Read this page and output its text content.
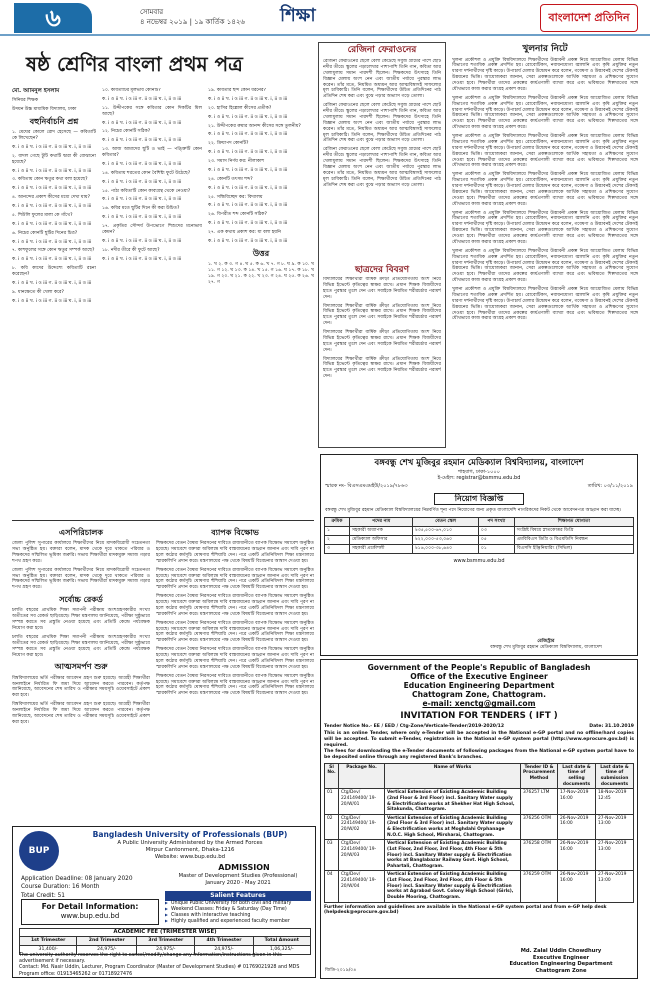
৬	সোমবার
৪ নভেম্বর ২০১৯ | ১৯ কার্তিক ১৪২৬ শিক্ষা	বাংলাদেশ প্রতিদিন
ষষ্ঠ শ্রেণির বাংলা প্রথম পত্র
মো. আমিনুল ইসলাম

সিনিয়র শিক্ষক

উদয়ন উচ্চ মাধ্যমিক বিদ্যালয়, ঢাকা

বহুনির্বাচনি প্রশ্ন

১. মেঘের কোলে রোদ হেসেছে — কবিতাটি কে লিখেছেন?

ক. i ও ii খ. i ও iii গ. ii ও iii ঘ. i, ii ও iii

২. বাদল গেছে টুটি কথাটি দ্বারা কী বোঝানো হয়েছে?

ক. i ও ii খ. i ও iii গ. ii ও iii ঘ. i, ii ও iii

৩. কবিতায় কোন ঋতুর কথা বলা হয়েছে?

ক. i ও ii খ. i ও iii গ. ii ও iii ঘ. i, ii ও iii

৪. আনন্দের প্রকাশ কীসের মধ্যে দেখা যায়?

ক. i ও ii খ. i ও iii গ. ii ও iii ঘ. i, ii ও iii

৫. শিউলি ফুলের মালা কে গাঁথে?

ক. i ও ii খ. i ও iii গ. ii ও iii ঘ. i, ii ও iii

৬. নিচের কোনটি ছুটির দিনের চিত্র?

ক. i ও ii খ. i ও iii গ. ii ও iii ঘ. i, ii ও iii

৭. কাশফুলের সঙ্গে কোন ঋতুর সম্পর্ক আছে?

ক. i ও ii খ. i ও iii গ. ii ও iii ঘ. i, ii ও iii

৮. কবি কাদের উদ্দেশ্যে কবিতাটি রচনা করেছেন?

ক. i ও ii খ. i ও iii গ. ii ও iii ঘ. i, ii ও iii

৯. ধানক্ষেতে কী খেলা করে?

ক. i ও ii খ. i ও iii গ. ii ও iii ঘ. i, ii ও iii

১০. কবিতাটির মূলভাব কোনটি?

ক. i ও ii খ. i ও iii গ. ii ও iii ঘ. i, ii ও iii

১১. উদ্দীপকের সঙ্গে কবিতার কোন দিকটির মিল আছে?

ক. i ও ii খ. i ও iii গ. ii ও iii ঘ. i, ii ও iii

১২. নিচের কোনটি সঠিক?

ক. i ও ii খ. i ও iii গ. ii ও iii ঘ. i, ii ও iii

১৩. আজ আমাদের ছুটি ও ভাই — পঙ্ক্তিটি কোন কবিতার?

ক. i ও ii খ. i ও iii গ. ii ও iii ঘ. i, ii ও iii

১৪. কবিতায় শরতের কোন বৈশিষ্ট্য ফুটে উঠেছে?

ক. i ও ii খ. i ও iii গ. ii ও iii ঘ. i, ii ও iii

১৫. পাঠ্য কবিতাটি কোন কাব্যগ্রন্থ থেকে নেওয়া?

ক. i ও ii খ. i ও iii গ. ii ও iii ঘ. i, ii ও iii

১৬. কবির মতে ছুটির দিনে কী করা উচিত?

ক. i ও ii খ. i ও iii গ. ii ও iii ঘ. i, ii ও iii

১৭. প্রকৃতির সৌন্দর্য উপভোগে শিশুদের মনোভাব কেমন?

ক. i ও ii খ. i ও iii গ. ii ও iii ঘ. i, ii ও iii

১৮. নদীর তীরে কী ফুটে আছে?

ক. i ও ii খ. i ও iii গ. ii ও iii ঘ. i, ii ও iii

১৯. কবিতার ছন্দ কোন ধরনের?

ক. i ও ii খ. i ও iii গ. ii ও iii ঘ. i, ii ও iii

২০. হাসির হিল্লোল কীসের প্রতীক?

ক. i ও ii খ. i ও iii গ. ii ও iii ঘ. i, ii ও iii

২১. উদ্দীপকের রুমার আনন্দ কীসের সঙ্গে তুলনীয়?

ক. i ও ii খ. i ও iii গ. ii ও iii ঘ. i, ii ও iii

২২. ক্রিয়াপদ কোনটি?

ক. i ও ii খ. i ও iii গ. ii ও iii ঘ. i, ii ও iii

২৩. সমাস নির্ণয় কর: নীলাকাশ

ক. i ও ii খ. i ও iii গ. ii ও iii ঘ. i, ii ও iii

২৪. কোনটি তৎসম শব্দ?

ক. i ও ii খ. i ও iii গ. ii ও iii ঘ. i, ii ও iii

২৫. সন্ধিবিচ্ছেদ কর: বিদ্যালয়

ক. i ও ii খ. i ও iii গ. ii ও iii ঘ. i, ii ও iii

২৬. বিপরীত শব্দ কোনটি সঠিক?

ক. i ও ii খ. i ও iii গ. ii ও iii ঘ. i, ii ও iii

২৭. এক কথায় প্রকাশ কর: যা বলা হয়নি

ক. i ও ii খ. i ও iii গ. ii ও iii ঘ. i, ii ও iii

উত্তর

১. খ ২. ক ৩. গ ৪. ঘ ৫. ক ৬. খ ৭. গ ৮. ঘ ৯. ক ১০. খ ১১. গ ১২. ঘ ১৩. ক ১৪. খ ১৫. গ ১৬. ঘ ১৭. ক ১৮. খ ১৯. গ ২০. ঘ ২১. ক ২২. খ ২৩. গ ২৪. ঘ ২৫. ক ২৬. খ ২৭. গ

রেজিনা ফেরাওনের

রেজিনা ফেরাওনের ছেলে বেলা কেটেছে সবুজ গ্রামের পাশে ছোট নদীর তীরে। স্কুলের পড়ালেখার পাশাপাশি তিনি গান, কবিতা আর খেলাধুলায় সমান পারদর্শী ছিলেন। শিক্ষকদের উৎসাহে তিনি বিজ্ঞান মেলায় অংশ নেন এবং জাতীয় পর্যায়ে পুরস্কার লাভ করেন। তাঁর মতে, নিয়মিত অধ্যয়ন আর আত্মবিশ্বাসই সাফল্যের মূল চাবিকাঠি। তিনি বলেন, শিক্ষার্থীদের উচিত প্রতিদিনের পাঠ প্রতিদিন শেষ করা এবং বুঝে পড়ার অভ্যাস গড়ে তোলা।

রেজিনা ফেরাওনের ছেলে বেলা কেটেছে সবুজ গ্রামের পাশে ছোট নদীর তীরে। স্কুলের পড়ালেখার পাশাপাশি তিনি গান, কবিতা আর খেলাধুলায় সমান পারদর্শী ছিলেন। শিক্ষকদের উৎসাহে তিনি বিজ্ঞান মেলায় অংশ নেন এবং জাতীয় পর্যায়ে পুরস্কার লাভ করেন। তাঁর মতে, নিয়মিত অধ্যয়ন আর আত্মবিশ্বাসই সাফল্যের মূল চাবিকাঠি। তিনি বলেন, শিক্ষার্থীদের উচিত প্রতিদিনের পাঠ প্রতিদিন শেষ করা এবং বুঝে পড়ার অভ্যাস গড়ে তোলা।

রেজিনা ফেরাওনের ছেলে বেলা কেটেছে সবুজ গ্রামের পাশে ছোট নদীর তীরে। স্কুলের পড়ালেখার পাশাপাশি তিনি গান, কবিতা আর খেলাধুলায় সমান পারদর্শী ছিলেন। শিক্ষকদের উৎসাহে তিনি বিজ্ঞান মেলায় অংশ নেন এবং জাতীয় পর্যায়ে পুরস্কার লাভ করেন। তাঁর মতে, নিয়মিত অধ্যয়ন আর আত্মবিশ্বাসই সাফল্যের মূল চাবিকাঠি। তিনি বলেন, শিক্ষার্থীদের উচিত প্রতিদিনের পাঠ প্রতিদিন শেষ করা এবং বুঝে পড়ার অভ্যাস গড়ে তোলা।

ছাত্রদের বিবরণ

বিদ্যালয়ের শিক্ষার্থীরা বার্ষিক ক্রীড়া প্রতিযোগিতায় অংশ নিয়ে বিভিন্ন ইভেন্টে কৃতিত্বের স্বাক্ষর রাখে। প্রধান শিক্ষক বিজয়ীদের হাতে পুরস্কার তুলে দেন এবং সবাইকে নিয়মিত শরীরচর্চার পরামর্শ দেন।

বিদ্যালয়ের শিক্ষার্থীরা বার্ষিক ক্রীড়া প্রতিযোগিতায় অংশ নিয়ে বিভিন্ন ইভেন্টে কৃতিত্বের স্বাক্ষর রাখে। প্রধান শিক্ষক বিজয়ীদের হাতে পুরস্কার তুলে দেন এবং সবাইকে নিয়মিত শরীরচর্চার পরামর্শ দেন।

বিদ্যালয়ের শিক্ষার্থীরা বার্ষিক ক্রীড়া প্রতিযোগিতায় অংশ নিয়ে বিভিন্ন ইভেন্টে কৃতিত্বের স্বাক্ষর রাখে। প্রধান শিক্ষক বিজয়ীদের হাতে পুরস্কার তুলে দেন এবং সবাইকে নিয়মিত শরীরচর্চার পরামর্শ দেন।

বিদ্যালয়ের শিক্ষার্থীরা বার্ষিক ক্রীড়া প্রতিযোগিতায় অংশ নিয়ে বিভিন্ন ইভেন্টে কৃতিত্বের স্বাক্ষর রাখে। প্রধান শিক্ষক বিজয়ীদের হাতে পুরস্কার তুলে দেন এবং সবাইকে নিয়মিত শরীরচর্চার পরামর্শ দেন।

খুলনার নিটে

খুলনা প্রকৌশল ও প্রযুক্তি বিশ্ববিদ্যালয়ে শিক্ষার্থীদের উদ্ভাবনী প্রকল্প নিয়ে আয়োজিত মেলায় বিভিন্ন বিভাগের শতাধিক প্রকল্প প্রদর্শিত হয়। রোবোটিকস, নবায়নযোগ্য জ্বালানি এবং কৃষি প্রযুক্তির নতুন ধারণা দর্শনার্থীদের দৃষ্টি কাড়ে। উপাচার্য মেলার উদ্বোধন করে বলেন, গবেষণা ও উদ্ভাবনই দেশের টেকসই উন্নয়নের ভিত্তি। আয়োজকরা জানান, সেরা প্রকল্পগুলোকে আর্থিক সহায়তা ও প্রশিক্ষণের সুযোগ দেওয়া হবে। শিক্ষার্থীরা তাদের প্রকল্পের কার্যপ্রণালী ব্যাখ্যা করে এবং ভবিষ্যতে শিল্পখাতের সঙ্গে যৌথভাবে কাজ করার আগ্রহ প্রকাশ করে।

খুলনা প্রকৌশল ও প্রযুক্তি বিশ্ববিদ্যালয়ে শিক্ষার্থীদের উদ্ভাবনী প্রকল্প নিয়ে আয়োজিত মেলায় বিভিন্ন বিভাগের শতাধিক প্রকল্প প্রদর্শিত হয়। রোবোটিকস, নবায়নযোগ্য জ্বালানি এবং কৃষি প্রযুক্তির নতুন ধারণা দর্শনার্থীদের দৃষ্টি কাড়ে। উপাচার্য মেলার উদ্বোধন করে বলেন, গবেষণা ও উদ্ভাবনই দেশের টেকসই উন্নয়নের ভিত্তি। আয়োজকরা জানান, সেরা প্রকল্পগুলোকে আর্থিক সহায়তা ও প্রশিক্ষণের সুযোগ দেওয়া হবে। শিক্ষার্থীরা তাদের প্রকল্পের কার্যপ্রণালী ব্যাখ্যা করে এবং ভবিষ্যতে শিল্পখাতের সঙ্গে যৌথভাবে কাজ করার আগ্রহ প্রকাশ করে।

খুলনা প্রকৌশল ও প্রযুক্তি বিশ্ববিদ্যালয়ে শিক্ষার্থীদের উদ্ভাবনী প্রকল্প নিয়ে আয়োজিত মেলায় বিভিন্ন বিভাগের শতাধিক প্রকল্প প্রদর্শিত হয়। রোবোটিকস, নবায়নযোগ্য জ্বালানি এবং কৃষি প্রযুক্তির নতুন ধারণা দর্শনার্থীদের দৃষ্টি কাড়ে। উপাচার্য মেলার উদ্বোধন করে বলেন, গবেষণা ও উদ্ভাবনই দেশের টেকসই উন্নয়নের ভিত্তি। আয়োজকরা জানান, সেরা প্রকল্পগুলোকে আর্থিক সহায়তা ও প্রশিক্ষণের সুযোগ দেওয়া হবে। শিক্ষার্থীরা তাদের প্রকল্পের কার্যপ্রণালী ব্যাখ্যা করে এবং ভবিষ্যতে শিল্পখাতের সঙ্গে যৌথভাবে কাজ করার আগ্রহ প্রকাশ করে।

খুলনা প্রকৌশল ও প্রযুক্তি বিশ্ববিদ্যালয়ে শিক্ষার্থীদের উদ্ভাবনী প্রকল্প নিয়ে আয়োজিত মেলায় বিভিন্ন বিভাগের শতাধিক প্রকল্প প্রদর্শিত হয়। রোবোটিকস, নবায়নযোগ্য জ্বালানি এবং কৃষি প্রযুক্তির নতুন ধারণা দর্শনার্থীদের দৃষ্টি কাড়ে। উপাচার্য মেলার উদ্বোধন করে বলেন, গবেষণা ও উদ্ভাবনই দেশের টেকসই উন্নয়নের ভিত্তি। আয়োজকরা জানান, সেরা প্রকল্পগুলোকে আর্থিক সহায়তা ও প্রশিক্ষণের সুযোগ দেওয়া হবে। শিক্ষার্থীরা তাদের প্রকল্পের কার্যপ্রণালী ব্যাখ্যা করে এবং ভবিষ্যতে শিল্পখাতের সঙ্গে যৌথভাবে কাজ করার আগ্রহ প্রকাশ করে।

খুলনা প্রকৌশল ও প্রযুক্তি বিশ্ববিদ্যালয়ে শিক্ষার্থীদের উদ্ভাবনী প্রকল্প নিয়ে আয়োজিত মেলায় বিভিন্ন বিভাগের শতাধিক প্রকল্প প্রদর্শিত হয়। রোবোটিকস, নবায়নযোগ্য জ্বালানি এবং কৃষি প্রযুক্তির নতুন ধারণা দর্শনার্থীদের দৃষ্টি কাড়ে। উপাচার্য মেলার উদ্বোধন করে বলেন, গবেষণা ও উদ্ভাবনই দেশের টেকসই উন্নয়নের ভিত্তি। আয়োজকরা জানান, সেরা প্রকল্পগুলোকে আর্থিক সহায়তা ও প্রশিক্ষণের সুযোগ দেওয়া হবে। শিক্ষার্থীরা তাদের প্রকল্পের কার্যপ্রণালী ব্যাখ্যা করে এবং ভবিষ্যতে শিল্পখাতের সঙ্গে যৌথভাবে কাজ করার আগ্রহ প্রকাশ করে।

খুলনা প্রকৌশল ও প্রযুক্তি বিশ্ববিদ্যালয়ে শিক্ষার্থীদের উদ্ভাবনী প্রকল্প নিয়ে আয়োজিত মেলায় বিভিন্ন বিভাগের শতাধিক প্রকল্প প্রদর্শিত হয়। রোবোটিকস, নবায়নযোগ্য জ্বালানি এবং কৃষি প্রযুক্তির নতুন ধারণা দর্শনার্থীদের দৃষ্টি কাড়ে। উপাচার্য মেলার উদ্বোধন করে বলেন, গবেষণা ও উদ্ভাবনই দেশের টেকসই উন্নয়নের ভিত্তি। আয়োজকরা জানান, সেরা প্রকল্পগুলোকে আর্থিক সহায়তা ও প্রশিক্ষণের সুযোগ দেওয়া হবে। শিক্ষার্থীরা তাদের প্রকল্পের কার্যপ্রণালী ব্যাখ্যা করে এবং ভবিষ্যতে শিল্পখাতের সঙ্গে যৌথভাবে কাজ করার আগ্রহ প্রকাশ করে।

খুলনা প্রকৌশল ও প্রযুক্তি বিশ্ববিদ্যালয়ে শিক্ষার্থীদের উদ্ভাবনী প্রকল্প নিয়ে আয়োজিত মেলায় বিভিন্ন বিভাগের শতাধিক প্রকল্প প্রদর্শিত হয়। রোবোটিকস, নবায়নযোগ্য জ্বালানি এবং কৃষি প্রযুক্তির নতুন ধারণা দর্শনার্থীদের দৃষ্টি কাড়ে। উপাচার্য মেলার উদ্বোধন করে বলেন, গবেষণা ও উদ্ভাবনই দেশের টেকসই উন্নয়নের ভিত্তি। আয়োজকরা জানান, সেরা প্রকল্পগুলোকে আর্থিক সহায়তা ও প্রশিক্ষণের সুযোগ দেওয়া হবে। শিক্ষার্থীরা তাদের প্রকল্পের কার্যপ্রণালী ব্যাখ্যা করে এবং ভবিষ্যতে শিল্পখাতের সঙ্গে যৌথভাবে কাজ করার আগ্রহ প্রকাশ করে।

এসপিরিচালক

জেলা পুলিশ সুপারের কার্যালয়ে শিক্ষার্থীদের নিয়ে মাদকবিরোধী সচেতনতা সভা অনুষ্ঠিত হয়। বক্তারা বলেন, মাদক থেকে দূরে থাকতে পরিবার ও শিক্ষকদের সম্মিলিত ভূমিকা জরুরি। সভায় শিক্ষার্থীরা মাদকমুক্ত সমাজ গড়ার শপথ গ্রহণ করে।

জেলা পুলিশ সুপারের কার্যালয়ে শিক্ষার্থীদের নিয়ে মাদকবিরোধী সচেতনতা সভা অনুষ্ঠিত হয়। বক্তারা বলেন, মাদক থেকে দূরে থাকতে পরিবার ও শিক্ষকদের সম্মিলিত ভূমিকা জরুরি। সভায় শিক্ষার্থীরা মাদকমুক্ত সমাজ গড়ার শপথ গ্রহণ করে।

সর্বোচ্চ রেকর্ড

চলতি বছরের প্রাথমিক শিক্ষা সমাপনী পরীক্ষায় অংশগ্রহণকারীর সংখ্যা অতীতের সব রেকর্ড ছাড়িয়েছে। শিক্ষা মন্ত্রণালয় জানিয়েছে, পরীক্ষা সুষ্ঠুভাবে সম্পন্ন করতে সব প্রস্তুতি নেওয়া হয়েছে এবং প্রতিটি কেন্দ্রে পর্যবেক্ষক নিয়োগ করা হবে।

চলতি বছরের প্রাথমিক শিক্ষা সমাপনী পরীক্ষায় অংশগ্রহণকারীর সংখ্যা অতীতের সব রেকর্ড ছাড়িয়েছে। শিক্ষা মন্ত্রণালয় জানিয়েছে, পরীক্ষা সুষ্ঠুভাবে সম্পন্ন করতে সব প্রস্তুতি নেওয়া হয়েছে এবং প্রতিটি কেন্দ্রে পর্যবেক্ষক নিয়োগ করা হবে।

আত্মসমর্পণ শুরু

বিশ্ববিদ্যালয়ের ভর্তি পরীক্ষার আবেদন গ্রহণ শুরু হয়েছে। আগ্রহী শিক্ষার্থীরা অনলাইনে নির্ধারিত ফি জমা দিয়ে আবেদন করতে পারবেন। কর্তৃপক্ষ জানিয়েছে, আবেদনের শেষ তারিখ ও পরীক্ষার সময়সূচি ওয়েবসাইটে প্রকাশ করা হবে।

বিশ্ববিদ্যালয়ের ভর্তি পরীক্ষার আবেদন গ্রহণ শুরু হয়েছে। আগ্রহী শিক্ষার্থীরা অনলাইনে নির্ধারিত ফি জমা দিয়ে আবেদন করতে পারবেন। কর্তৃপক্ষ জানিয়েছে, আবেদনের শেষ তারিখ ও পরীক্ষার সময়সূচি ওয়েবসাইটে প্রকাশ করা হবে।

ব্যাপক বিক্ষোভ

শিক্ষকদের বেতন বৈষম্য নিরসনের দাবিতে রাজধানীতে ব্যাপক বিক্ষোভ সমাবেশ অনুষ্ঠিত হয়েছে। সমাবেশে বক্তারা অবিলম্বে দাবি বাস্তবায়নের আহ্বান জানান এবং দাবি পূরণ না হলে কঠোর কর্মসূচি ঘোষণার হুঁশিয়ারি দেন। পরে একটি প্রতিনিধিদল শিক্ষা মন্ত্রণালয়ে স্মারকলিপি প্রদান করে। মন্ত্রণালয়ের পক্ষ থেকে বিষয়টি বিবেচনার আশ্বাস দেওয়া হয়।

শিক্ষকদের বেতন বৈষম্য নিরসনের দাবিতে রাজধানীতে ব্যাপক বিক্ষোভ সমাবেশ অনুষ্ঠিত হয়েছে। সমাবেশে বক্তারা অবিলম্বে দাবি বাস্তবায়নের আহ্বান জানান এবং দাবি পূরণ না হলে কঠোর কর্মসূচি ঘোষণার হুঁশিয়ারি দেন। পরে একটি প্রতিনিধিদল শিক্ষা মন্ত্রণালয়ে স্মারকলিপি প্রদান করে। মন্ত্রণালয়ের পক্ষ থেকে বিষয়টি বিবেচনার আশ্বাস দেওয়া হয়।

শিক্ষকদের বেতন বৈষম্য নিরসনের দাবিতে রাজধানীতে ব্যাপক বিক্ষোভ সমাবেশ অনুষ্ঠিত হয়েছে। সমাবেশে বক্তারা অবিলম্বে দাবি বাস্তবায়নের আহ্বান জানান এবং দাবি পূরণ না হলে কঠোর কর্মসূচি ঘোষণার হুঁশিয়ারি দেন। পরে একটি প্রতিনিধিদল শিক্ষা মন্ত্রণালয়ে স্মারকলিপি প্রদান করে। মন্ত্রণালয়ের পক্ষ থেকে বিষয়টি বিবেচনার আশ্বাস দেওয়া হয়।

শিক্ষকদের বেতন বৈষম্য নিরসনের দাবিতে রাজধানীতে ব্যাপক বিক্ষোভ সমাবেশ অনুষ্ঠিত হয়েছে। সমাবেশে বক্তারা অবিলম্বে দাবি বাস্তবায়নের আহ্বান জানান এবং দাবি পূরণ না হলে কঠোর কর্মসূচি ঘোষণার হুঁশিয়ারি দেন। পরে একটি প্রতিনিধিদল শিক্ষা মন্ত্রণালয়ে স্মারকলিপি প্রদান করে। মন্ত্রণালয়ের পক্ষ থেকে বিষয়টি বিবেচনার আশ্বাস দেওয়া হয়।

শিক্ষকদের বেতন বৈষম্য নিরসনের দাবিতে রাজধানীতে ব্যাপক বিক্ষোভ সমাবেশ অনুষ্ঠিত হয়েছে। সমাবেশে বক্তারা অবিলম্বে দাবি বাস্তবায়নের আহ্বান জানান এবং দাবি পূরণ না হলে কঠোর কর্মসূচি ঘোষণার হুঁশিয়ারি দেন। পরে একটি প্রতিনিধিদল শিক্ষা মন্ত্রণালয়ে স্মারকলিপি প্রদান করে। মন্ত্রণালয়ের পক্ষ থেকে বিষয়টি বিবেচনার আশ্বাস দেওয়া হয়।

শিক্ষকদের বেতন বৈষম্য নিরসনের দাবিতে রাজধানীতে ব্যাপক বিক্ষোভ সমাবেশ অনুষ্ঠিত হয়েছে। সমাবেশে বক্তারা অবিলম্বে দাবি বাস্তবায়নের আহ্বান জানান এবং দাবি পূরণ না হলে কঠোর কর্মসূচি ঘোষণার হুঁশিয়ারি দেন। পরে একটি প্রতিনিধিদল শিক্ষা মন্ত্রণালয়ে স্মারকলিপি প্রদান করে। মন্ত্রণালয়ের পক্ষ থেকে বিষয়টি বিবেচনার আশ্বাস দেওয়া হয়।

বঙ্গবন্ধু শেখ মুজিবুর রহমান মেডিক্যাল বিশ্ববিদ্যালয়, বাংলাদেশ
শাহবাগ, ঢাকা-১০০০
ই-মেইল: registrar@bsmmu.edu.bd
স্মারক নং- বিএসএমএমইউ/২০১৯/৭৮৬৩	তারিখ: ০৩/১১/২০১৯
নিয়োগ বিজ্ঞপ্তি

বঙ্গবন্ধু শেখ মুজিবুর রহমান মেডিক্যাল বিশ্ববিদ্যালয়ের নিম্নবর্ণিত শূন্য পদে নিয়োগের জন্য প্রকৃত বাংলাদেশি নাগরিকদের নিকট থেকে আবেদনপত্র আহ্বান করা যাচ্ছে।

ক্রমিক	পদের নাম	বেতন স্কেল	পদ সংখ্যা	শিক্ষাগত যোগ্যতা
১	সহকারী অধ্যাপক	৳৩৫,৫০০-৬৭,০১০	০৩	সংশ্লিষ্ট বিষয়ে স্নাতকোত্তর ডিগ্রি
২	মেডিক্যাল অফিসার	৳২২,০০০-৫৩,০৬০	০৫	এমবিবিএস ডিগ্রি ও বিএমডিসি নিবন্ধন
৩	সহকারী প্রকৌশলী	৳১৬,০০০-৩৮,৬৪০	০১	বিএসসি ইঞ্জিনিয়ারিং (সিভিল)
www.bsmmu.edu.bd
রেজিস্ট্রার
বঙ্গবন্ধু শেখ মুজিবুর রহমান মেডিক্যাল বিশ্ববিদ্যালয়, বাংলাদেশ
Government of the People's Republic of Bangladesh
Office of the Executive Engineer
Education Engineering Department
Chattogram Zone, Chattogram.
e-mail: xenctg@gmail.com
INVITATION FOR TENDERS ( IFT )
Tender Notice No.- EE / EED / Ctg-Zone/Verticale-Tender/2019-2020/12	Date: 31.10.2019

This is an online Tender, where only e-Tender will be accepted in the National e-GP portal and no offline/hard copies will be accepted. To submit e-Tender, registration in the National e-GP system portal (http://www.eprocure.gov.bd) is required.

The fees for downloading the e-Tender documents of following packages from the National e-GP system portal have to be deposited online through any registered Bank's branches.

Sl No.	Package No.	Name of Works	Tender ID & Procurement Method	Last date & time of selling documents	Last date & time of submission documents
01	Ctg/Dev/ 224149400/ 19-20/W/01	Vertical Extension of Existing Academic Building (2nd Floor & 3rd Floor) incl. Sanitary Water supply & Electrification works at Shekher Hat High School, Sitakunda, Chattogram.	376257 LTM	17-Nov-2019 16:00	18-Nov-2019 12:45
02	Ctg/Dev/ 224149400/ 19-20/W/02	Vertical Extension of Existing Academic Building (2nd Floor & 3rd Floor) incl. Sanitary Water supply & Electrification works at Moghdahi Orphanage N.O.C. High School, Mirsharai, Chattogram.	376256 OTM	26-Nov-2019 16:00	27-Nov-2019 13:00
03	Ctg/Dev/ 224149400/ 19-20/W/03	Vertical Extension of Existing Academic Building (1st Floor, 2nd Floor, 3rd Floor, 4th Floor & 5th Floor) incl. Sanitary Water supply & Electrification works at Banglabazar Railway Govt. High School, Pahartali, Chattogram.	376258 OTM	26-Nov-2019 16:00	27-Nov-2019 13:00
04	Ctg/Dev/ 224149400/ 19-20/W/04	Vertical Extension of Existing Academic Building (1st Floor, 2nd Floor, 3rd Floor, 4th Floor & 5th Floor) incl. Sanitary Water supply & Electrification works at Agrabad Govt. Colony High School (Girls), Double Mooring, Chattogram.	376259 OTM	26-Nov-2019 16:00	27-Nov-2019 13:00

Further information and guidelines are available in the National e-GP system portal and from e-GP help desk (helpdesk@eprocure.gov.bd)

জিডি-২০১৯/০৪
Md. Zalal Uddin Chowdhury
Executive Engineer
Education Engineering Department
Chattogram Zone
BUP
Bangladesh University of Professionals (BUP)
A Public University Administered by the Armed Forces
Mirpur Cantonment, Dhaka-1216
Website: www.bup.edu.bd
ADMISSION
Master of Development Studies (Professional)
January 2020 - May 2021
Application Deadline: 08 January 2020
Course Duration: 16 Month
Total Credit: 51
For Detail Information:
www.bup.edu.bd
Salient Features
▶ Unique Public University for both civil and military
▶ Weekend Classes: Friday & Saturday (Day Time)
▶ Classes with interactive teaching
▶ Highly qualified and experienced faculty member
ACADEMIC FEE (TRIMESTER WISE)
1st Trimester	2nd Trimester	3rd Trimester	4th Trimester	Total Amount
31,400/-	24,975/-	24,975/-	24,975/-	1,06,325/-
The university authority reserves the right to cancel/modify/change any information/instructions given in this advertisement if necessary.
Contact: Md. Nasir Uddin, Lecturer, Program Coordinator (Master of Development Studies) # 01769021928 and MDS Program office: 01913465262 or 01718927476
